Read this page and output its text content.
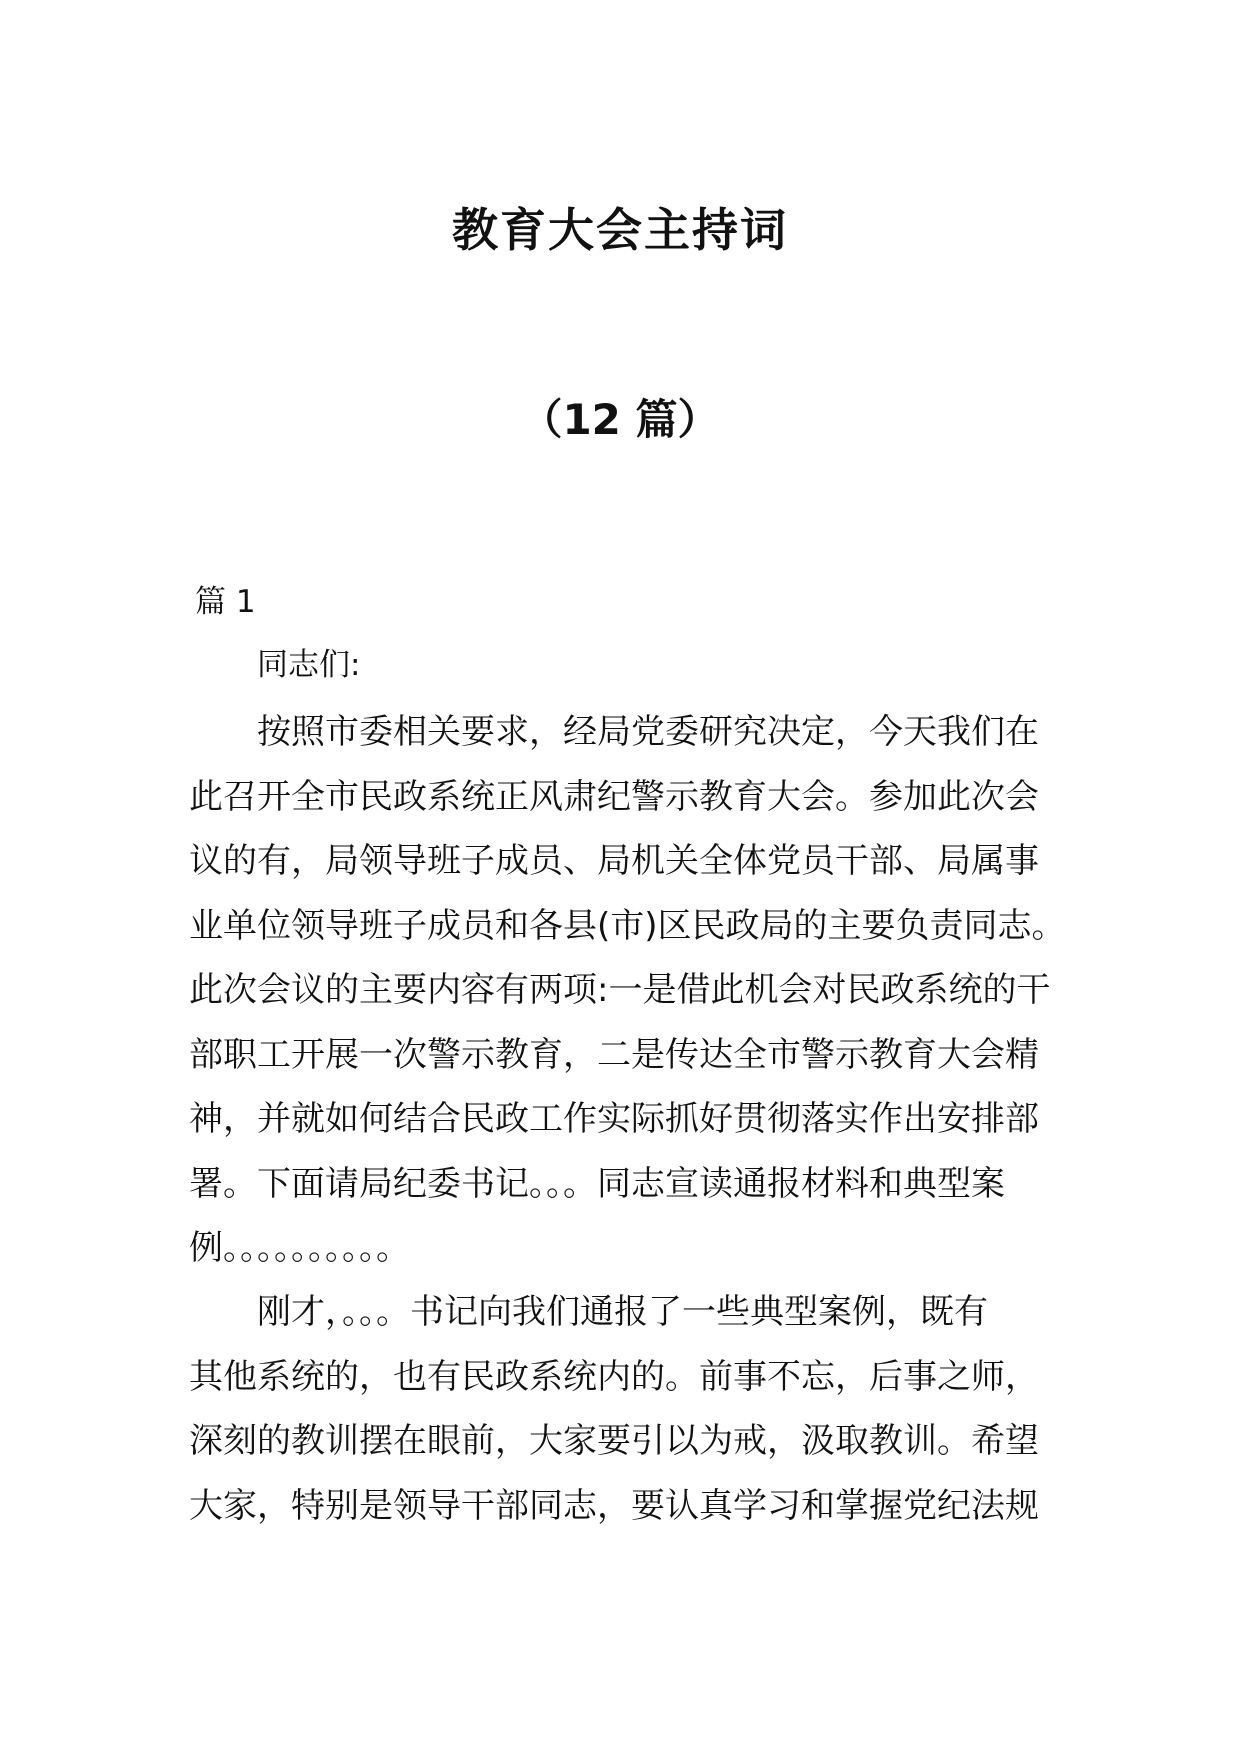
教育大会主持词
（12 篇）
篇 1
同志们:
　　按照市委相关要求，经局党委研究决定，今天我们在
此召开全市民政系统正风肃纪警示教育大会。参加此次会
议的有，局领导班子成员、局机关全体党员干部、局属事
业单位领导班子成员和各县(市)区民政局的主要负责同志。
此次会议的主要内容有两项:一是借此机会对民政系统的干
部职工开展一次警示教育，二是传达全市警示教育大会精
神，并就如何结合民政工作实际抓好贯彻落实作出安排部
署。下面请局纪委书记。。。同志宣读通报材料和典型案
例。。。。。。。。。。
　　刚才，。。。书记向我们通报了一些典型案例，既有
其他系统的，也有民政系统内的。前事不忘，后事之师，
深刻的教训摆在眼前，大家要引以为戒，汲取教训。希望
大家，特别是领导干部同志，要认真学习和掌握党纪法规
